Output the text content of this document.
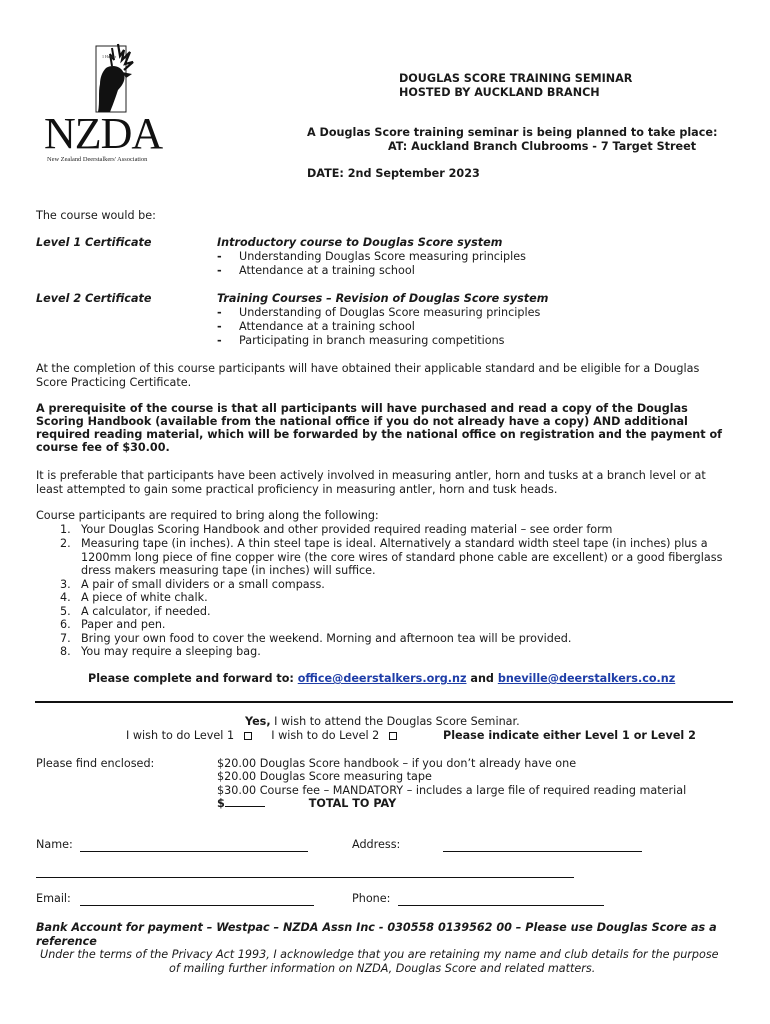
1 Hunter
NZDA
New Zealand Deerstalkers' Association
DOUGLAS SCORE TRAINING SEMINAR
HOSTED BY AUCKLAND BRANCH
A Douglas Score training seminar is being planned to take place:
AT: Auckland Branch Clubrooms - 7 Target Street
DATE: 2nd September 2023
The course would be:
Level 1 Certificate	Introductory course to Douglas Score system
- Understanding Douglas Score measuring principles
- Attendance at a training school
Level 2 Certificate	Training Courses – Revision of Douglas Score system
- Understanding of Douglas Score measuring principles
- Attendance at a training school
- Participating in branch measuring competitions
At the completion of this course participants will have obtained their applicable standard and be eligible for a Douglas
Score Practicing Certificate.
A prerequisite of the course is that all participants will have purchased and read a copy of the Douglas
Scoring Handbook (available from the national office if you do not already have a copy) AND additional
required reading material, which will be forwarded by the national office on registration and the payment of
course fee of $30.00.
It is preferable that participants have been actively involved in measuring antler, horn and tusks at a branch level or at
least attempted to gain some practical proficiency in measuring antler, horn and tusk heads.
Course participants are required to bring along the following:
1. Your Douglas Scoring Handbook and other provided required reading material – see order form
2. Measuring tape (in inches). A thin steel tape is ideal. Alternatively a standard width steel tape (in inches) plus a
1200mm long piece of fine copper wire (the core wires of standard phone cable are excellent) or a good fiberglass
dress makers measuring tape (in inches) will suffice.
3. A pair of small dividers or a small compass.
4. A piece of white chalk.
5. A calculator, if needed.
6. Paper and pen.
7. Bring your own food to cover the weekend. Morning and afternoon tea will be provided.
8. You may require a sleeping bag.
Please complete and forward to: office@deerstalkers.org.nz and bneville@deerstalkers.co.nz
Yes, I wish to attend the Douglas Score Seminar.
I wish to do Level 1	I wish to do Level 2	Please indicate either Level 1 or Level 2
Please find enclosed:	$20.00 Douglas Score handbook – if you don’t already have one
$20.00 Douglas Score measuring tape
$30.00 Course fee – MANDATORY – includes a large file of required reading material
$	TOTAL TO PAY
Name:	Address:
Email:	Phone:
Bank Account for payment – Westpac – NZDA Assn Inc - 030558 0139562 00 – Please use Douglas Score as a
reference
Under the terms of the Privacy Act 1993, I acknowledge that you are retaining my name and club details for the purpose
of mailing further information on NZDA, Douglas Score and related matters.
